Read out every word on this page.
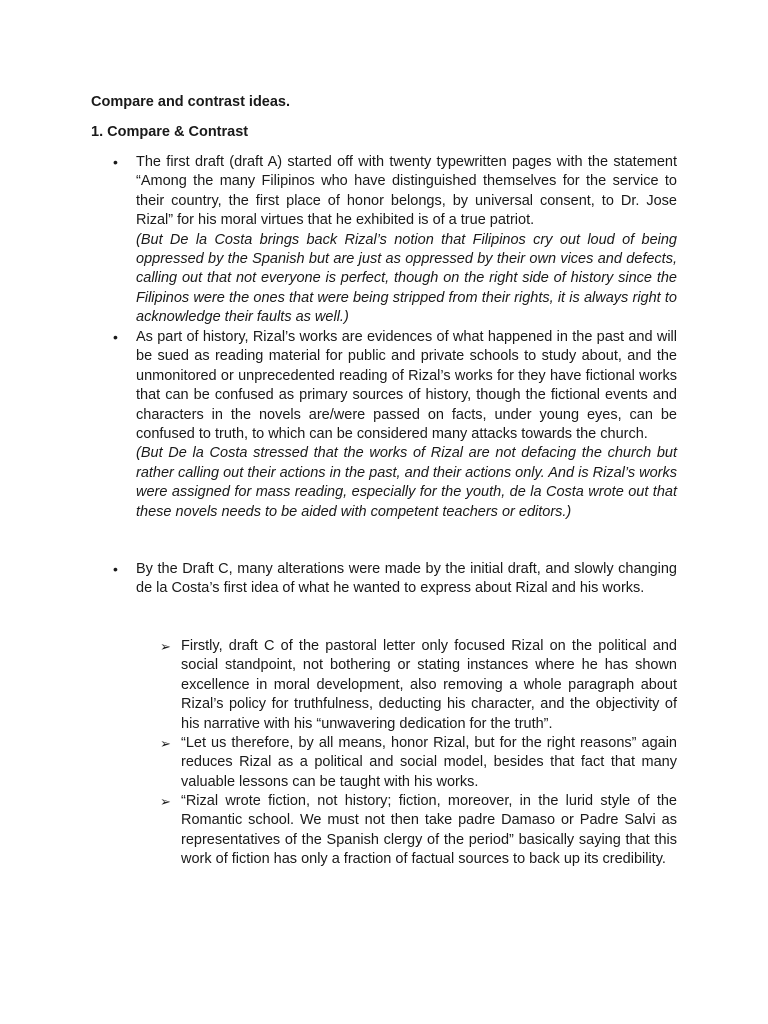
Compare and contrast ideas.
1. Compare & Contrast
• The first draft (draft A) started off with twenty typewritten pages with the statement “Among the many Filipinos who have distinguished themselves for the service to their country, the first place of honor belongs, by universal consent, to Dr. Jose Rizal” for his moral virtues that he exhibited is of a true patriot.
(But De la Costa brings back Rizal’s notion that Filipinos cry out loud of being oppressed by the Spanish but are just as oppressed by their own vices and defects, calling out that not everyone is perfect, though on the right side of history since the Filipinos were the ones that were being stripped from their rights, it is always right to acknowledge their faults as well.)
• As part of history, Rizal’s works are evidences of what happened in the past and will be sued as reading material for public and private schools to study about, and the unmonitored or unprecedented reading of Rizal’s works for they have fictional works that can be confused as primary sources of history, though the fictional events and characters in the novels are/were passed on facts, under young eyes, can be confused to truth, to which can be considered many attacks towards the church.
(But De la Costa stressed that the works of Rizal are not defacing the church but rather calling out their actions in the past, and their actions only. And is Rizal’s works were assigned for mass reading, especially for the youth, de la Costa wrote out that these novels needs to be aided with competent teachers or editors.)
• By the Draft C, many alterations were made by the initial draft, and slowly changing de la Costa’s first idea of what he wanted to express about Rizal and his works.
➢ Firstly, draft C of the pastoral letter only focused Rizal on the political and social standpoint, not bothering or stating instances where he has shown excellence in moral development, also removing a whole paragraph about Rizal’s policy for truthfulness, deducting his character, and the objectivity of his narrative with his “unwavering dedication for the truth”.
➢ “Let us therefore, by all means, honor Rizal, but for the right reasons” again reduces Rizal as a political and social model, besides that fact that many valuable lessons can be taught with his works.
➢ “Rizal wrote fiction, not history; fiction, moreover, in the lurid style of the Romantic school. We must not then take padre Damaso or Padre Salvi as representatives of the Spanish clergy of the period” basically saying that this work of fiction has only a fraction of factual sources to back up its credibility.
